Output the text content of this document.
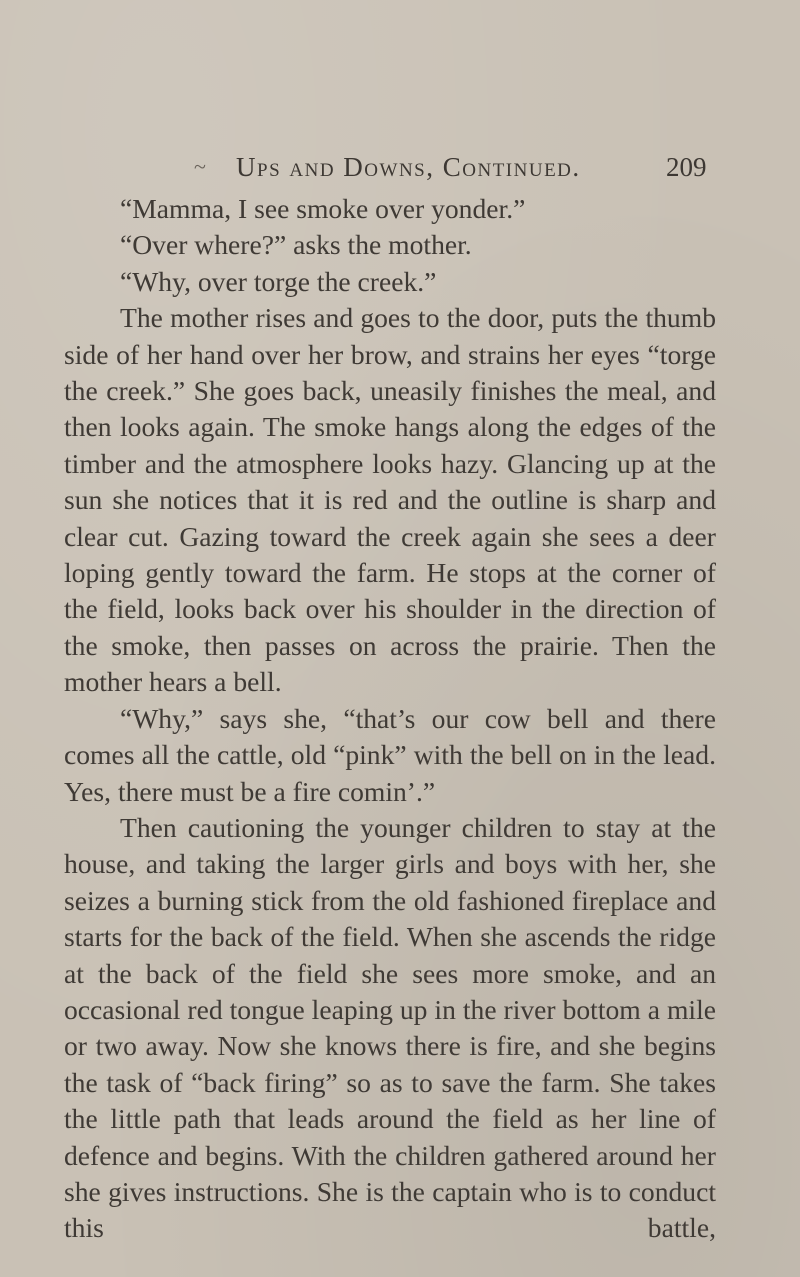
~ Ups and Downs, Continued.	209

“Mamma, I see smoke over yonder.”

“Over where?” asks the mother.

“Why, over torge the creek.”

The mother rises and goes to the door, puts the thumb side of her hand over her brow, and strains her eyes “torge the creek.” She goes back, uneasily finishes the meal, and then looks again. The smoke hangs along the edges of the timber and the atmosphere looks hazy. Glancing up at the sun she notices that it is red and the outline is sharp and clear cut. Gazing toward the creek again she sees a deer loping gently toward the farm. He stops at the corner of the field, looks back over his shoulder in the direction of the smoke, then passes on across the prairie. Then the mother hears a bell.

“Why,” says she, “that’s our cow bell and there comes all the cattle, old “pink” with the bell on in the lead. Yes, there must be a fire comin’.”

Then cautioning the younger children to stay at the house, and taking the larger girls and boys with her, she seizes a burning stick from the old fashioned fireplace and starts for the back of the field. When she ascends the ridge at the back of the field she sees more smoke, and an occasional red tongue leaping up in the river bottom a mile or two away. Now she knows there is fire, and she begins the task of “back firing” so as to save the farm. She takes the little path that leads around the field as her line of defence and begins. With the children gathered around her she gives instructions. She is the captain who is to conduct this battle,
